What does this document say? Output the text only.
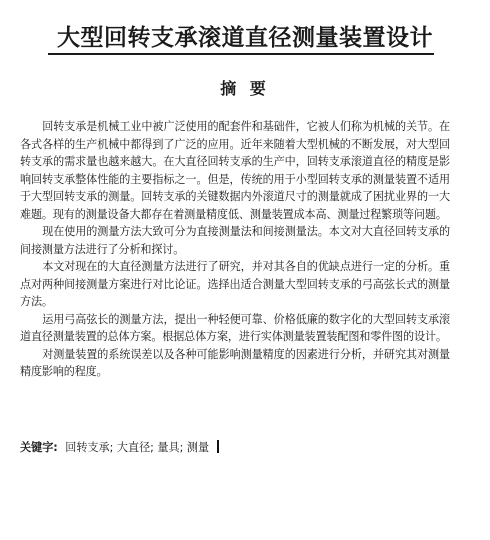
大型回转支承滚道直径测量装置设计
摘 要

回转支承是机械工业中被广泛使用的配套件和基础件，它被人们称为机械的关节。在各式各样的生产机械中都得到了广泛的应用。近年来随着大型机械的不断发展，对大型回转支承的需求量也越来越大。在大直径回转支承的生产中，回转支承滚道直径的精度是影响回转支承整体性能的主要指标之一。但是，传统的用于小型回转支承的测量装置不适用于大型回转支承的测量。回转支承的关键数据内外滚道尺寸的测量就成了困扰业界的一大难题。现有的测量设备大都存在着测量精度低、测量装置成本高、测量过程繁琐等问题。

现在使用的测量方法大致可分为直接测量法和间接测量法。本文对大直径回转支承的间接测量方法进行了分析和探讨。

本文对现在的大直径测量方法进行了研究，并对其各自的优缺点进行一定的分析。重点对两种间接测量方案进行对比论证。选择出适合测量大型回转支承的弓高弦长式的测量方法。

运用弓高弦长的测量方法，提出一种轻便可靠、价格低廉的数字化的大型回转支承滚道直径测量装置的总体方案。根据总体方案，进行实体测量装置装配图和零件图的设计。

对测量装置的系统误差以及各种可能影响测量精度的因素进行分析，并研究其对测量精度影响的程度。

关键字: 回转支承; 大直径; 量具; 测量
